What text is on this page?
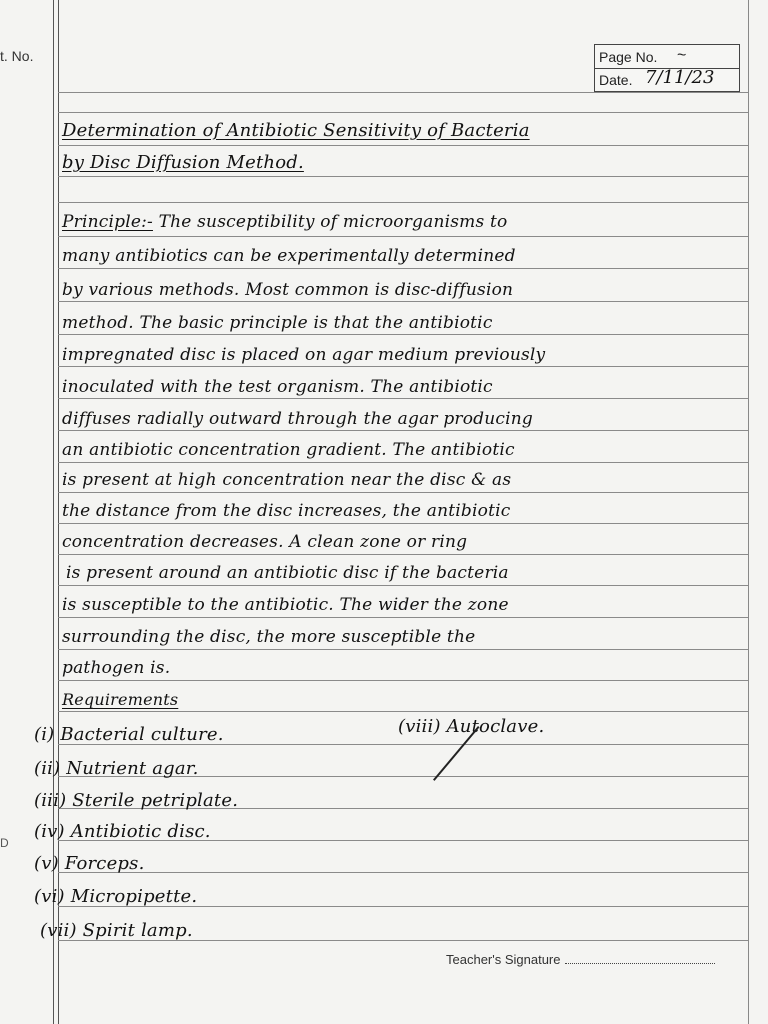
t. No.
D
Page No. ~
Date. 7/11/23
Determination of Antibiotic Sensitivity of Bacteria
by Disc Diffusion Method.
Principle:- The susceptibility of microorganisms to
many antibiotics can be experimentally determined
by various methods. Most common is disc-diffusion
method. The basic principle is that the antibiotic
impregnated disc is placed on agar medium previously
inoculated with the test organism. The antibiotic
diffuses radially outward through the agar producing
an antibiotic concentration gradient. The antibiotic
is present at high concentration near the disc & as
the distance from the disc increases, the antibiotic
concentration decreases. A clean zone or ring
is present around an antibiotic disc if the bacteria
is susceptible to the antibiotic. The wider the zone
surrounding the disc, the more susceptible the
pathogen is.
Requirements
(i) Bacterial culture.	(viii) Autoclave.
(ii) Nutrient agar.
(iii) Sterile petriplate.
(iv) Antibiotic disc.
(v) Forceps.
(vi) Micropipette.
(vii) Spirit lamp.
Teacher's Signature
